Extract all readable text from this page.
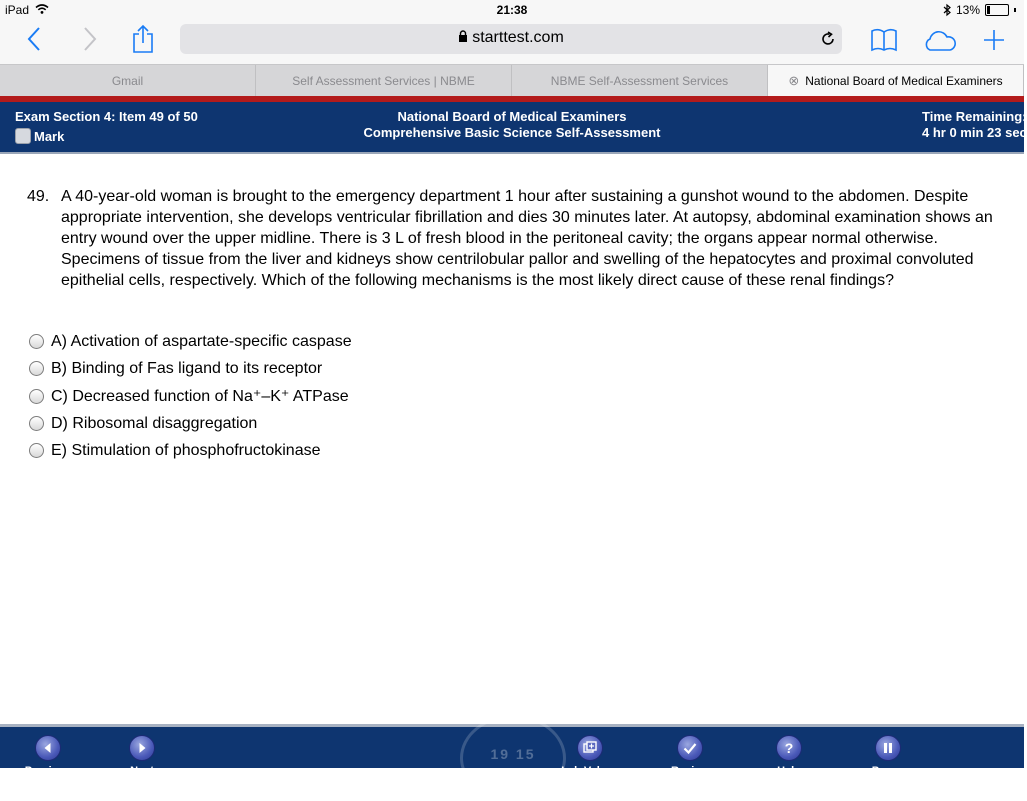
iPad	21:38	13%
starttest.com
Gmail	Self Assessment Services | NBME	NBME Self-Assessment Services	⊗ National Board of Medical Examiners
Exam Section 4: Item 49 of 50
Mark
National Board of Medical Examiners
Comprehensive Basic Science Self-Assessment
Time Remaining:
4 hr 0 min 23 sec
49. A 40-year-old woman is brought to the emergency department 1 hour after sustaining a gunshot wound to the abdomen. Despite appropriate intervention, she develops ventricular fibrillation and dies 30 minutes later. At autopsy, abdominal examination shows an entry wound over the upper midline. There is 3 L of fresh blood in the peritoneal cavity; the organs appear normal otherwise. Specimens of tissue from the liver and kidneys show centrilobular pallor and swelling of the hepatocytes and proximal convoluted epithelial cells, respectively. Which of the following mechanisms is the most likely direct cause of these renal findings?
A) Activation of aspartate-specific caspase
B) Binding of Fas ligand to its receptor
C) Decreased function of Na⁺–K⁺ ATPase
D) Ribosomal disaggregation
E) Stimulation of phosphofructokinase
19 15
Previous	Next	Lab Values	Review
?
Help	Pause
